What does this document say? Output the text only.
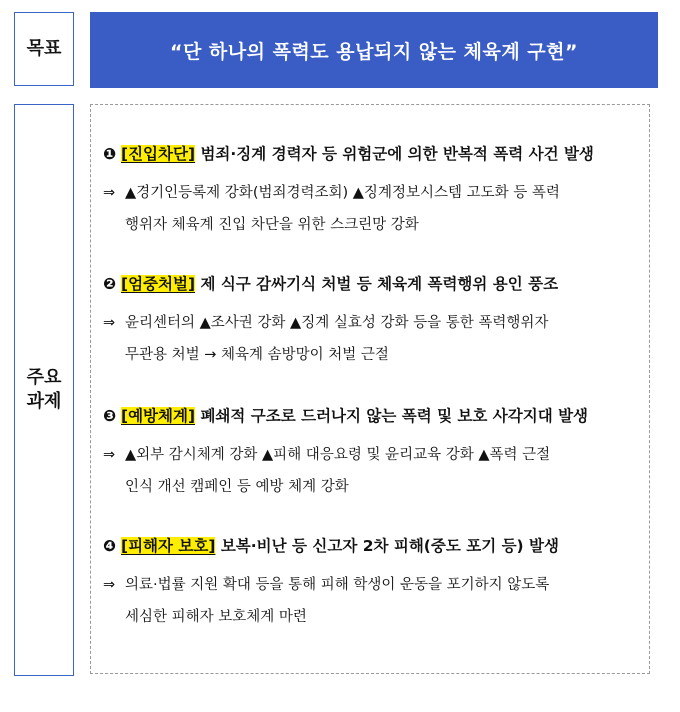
목표	“단 하나의 폭력도 용납되지 않는 체육계 구현”
주요
과제
❶ [진입차단] 범죄·징계 경력자 등 위험군에 의한 반복적 폭력 사건 발생
⇒ ▲경기인등록제 강화(범죄경력조회) ▲징계정보시스템 고도화 등 폭력
행위자 체육계 진입 차단을 위한 스크린망 강화
❷ [엄중처벌] 제 식구 감싸기식 처벌 등 체육계 폭력행위 용인 풍조
⇒ 윤리센터의 ▲조사권 강화 ▲징계 실효성 강화 등을 통한 폭력행위자
무관용 처벌 → 체육계 솜방망이 처벌 근절
❸ [예방체계] 폐쇄적 구조로 드러나지 않는 폭력 및 보호 사각지대 발생
⇒ ▲외부 감시체계 강화 ▲피해 대응요령 및 윤리교육 강화 ▲폭력 근절
인식 개선 캠페인 등 예방 체계 강화
❹ [피해자 보호] 보복·비난 등 신고자 2차 피해(중도 포기 등) 발생
⇒ 의료·법률 지원 확대 등을 통해 피해 학생이 운동을 포기하지 않도록
세심한 피해자 보호체계 마련
